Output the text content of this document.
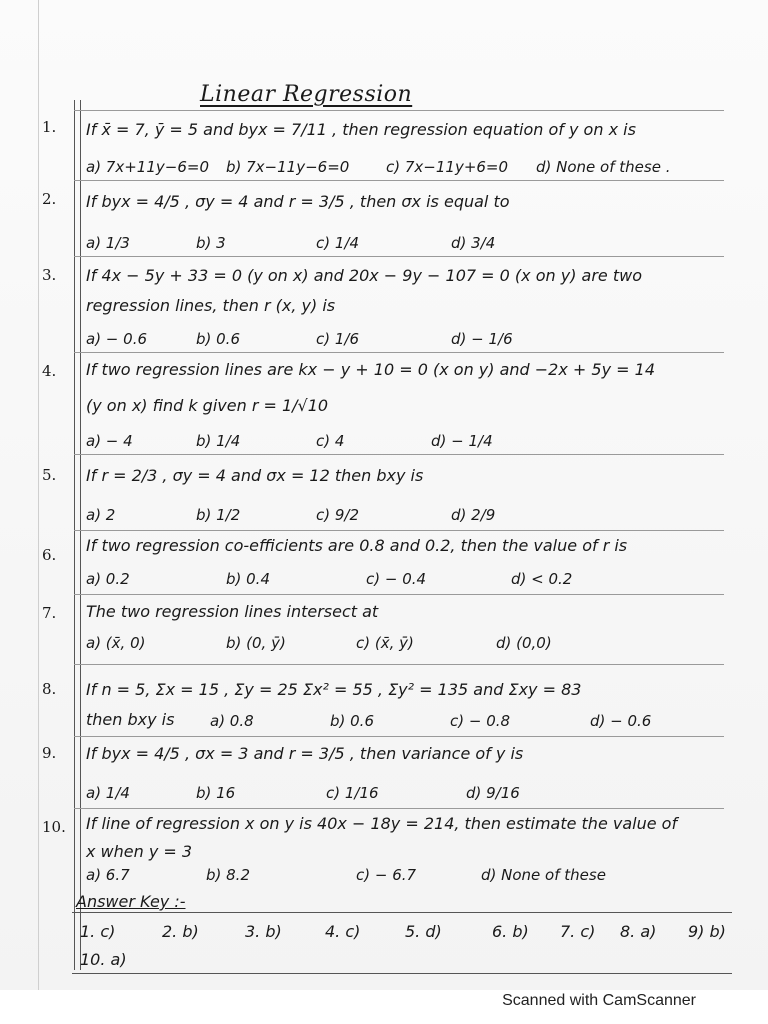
Linear Regression
1.	If x̄ = 7, ȳ = 5 and byx = 7/11 , then regression equation of y on x is
a) 7x+11y−6=0 b) 7x−11y−6=0 c) 7x−11y+6=0 d) None of these .
2.	If byx = 4/5 , σy = 4 and r = 3/5 , then σx is equal to
a) 1/3	b) 3	c) 1/4	d) 3/4
3.	If 4x − 5y + 33 = 0 (y on x) and 20x − 9y − 107 = 0 (x on y) are two
regression lines, then r (x, y) is
a) − 0.6	b) 0.6	c) 1/6	d) − 1/6
4.	If two regression lines are kx − y + 10 = 0 (x on y) and −2x + 5y = 14
(y on x) find k given r = 1/√10
a) − 4	b) 1/4	c) 4	d) − 1/4
5.	If r = 2/3 , σy = 4 and σx = 12 then bxy is
a) 2	b) 1/2	c) 9/2	d) 2/9
6.	If two regression co-efficients are 0.8 and 0.2, then the value of r is
a) 0.2	b) 0.4	c) − 0.4	d) < 0.2
7.	The two regression lines intersect at
a) (x̄, 0)	b) (0, ȳ)	c) (x̄, ȳ)	d) (0,0)
8.	If n = 5, Σx = 15 , Σy = 25 Σx² = 55 , Σy² = 135 and Σxy = 83
then bxy is	a) 0.8	b) 0.6	c) − 0.8	d) − 0.6
9.	If byx = 4/5 , σx = 3 and r = 3/5 , then variance of y is
a) 1/4	b) 16	c) 1/16	d) 9/16
10.	If line of regression x on y is 40x − 18y = 214, then estimate the value of
x when y = 3
a) 6.7	b) 8.2	c) − 6.7	d) None of these
Answer Key :-
1. c)	2. b)	3. b)	4. c)	5. d)	6. b) 7. c) 8. a) 9) b)
10. a)
Scanned with CamScanner
